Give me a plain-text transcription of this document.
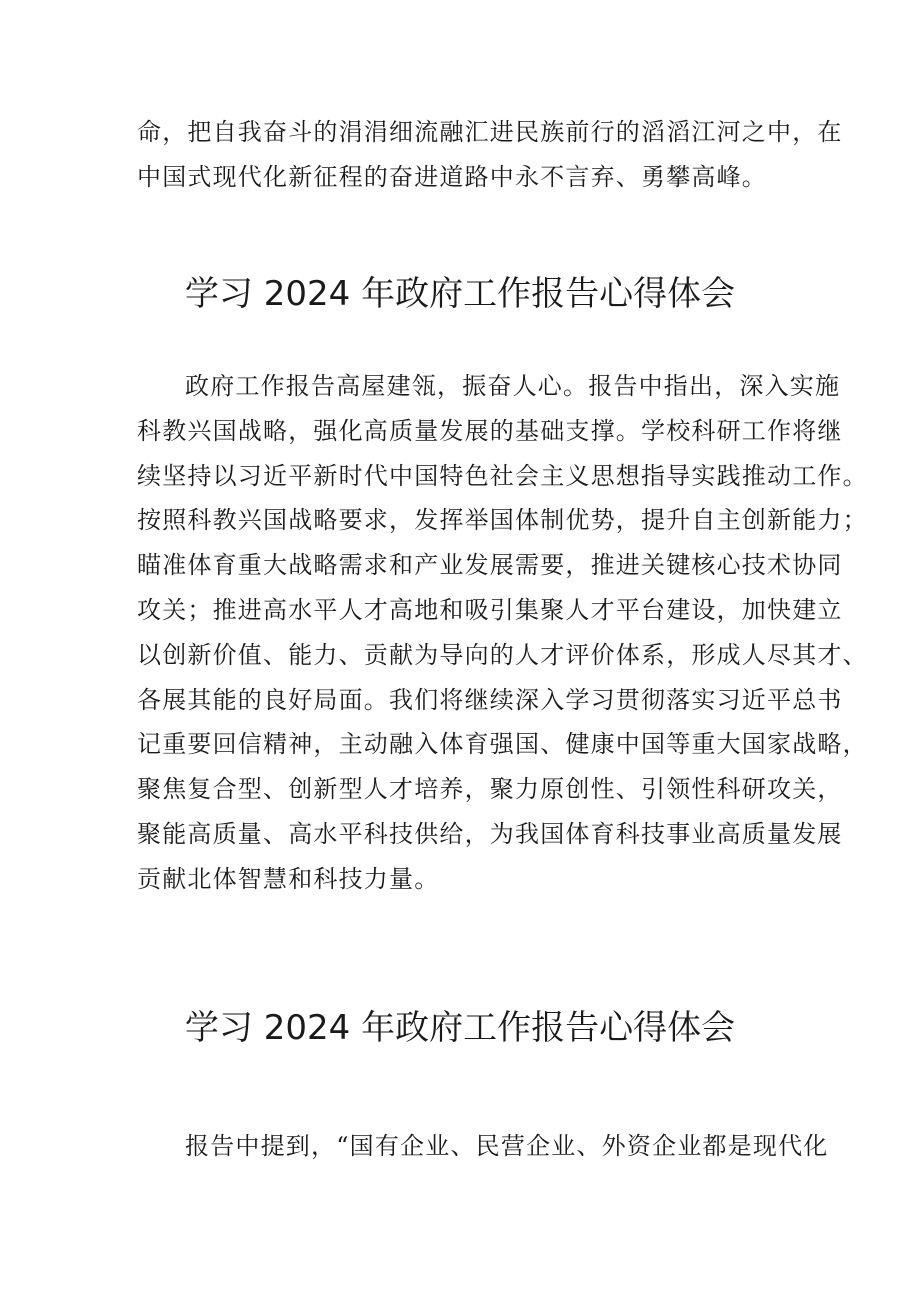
命，把自我奋斗的涓涓细流融汇进民族前行的滔滔江河之中，在
中国式现代化新征程的奋进道路中永不言弃、勇攀高峰。

学习 2024 年政府工作报告心得体会

政府工作报告高屋建瓴，振奋人心。报告中指出，深入实施
科教兴国战略，强化高质量发展的基础支撑。学校科研工作将继
续坚持以习近平新时代中国特色社会主义思想指导实践推动工作。
按照科教兴国战略要求，发挥举国体制优势，提升自主创新能力；
瞄准体育重大战略需求和产业发展需要，推进关键核心技术协同
攻关；推进高水平人才高地和吸引集聚人才平台建设，加快建立
以创新价值、能力、贡献为导向的人才评价体系，形成人尽其才、
各展其能的良好局面。我们将继续深入学习贯彻落实习近平总书
记重要回信精神，主动融入体育强国、健康中国等重大国家战略，
聚焦复合型、创新型人才培养，聚力原创性、引领性科研攻关，
聚能高质量、高水平科技供给，为我国体育科技事业高质量发展
贡献北体智慧和科技力量。

学习 2024 年政府工作报告心得体会

报告中提到，“国有企业、民营企业、外资企业都是现代化
